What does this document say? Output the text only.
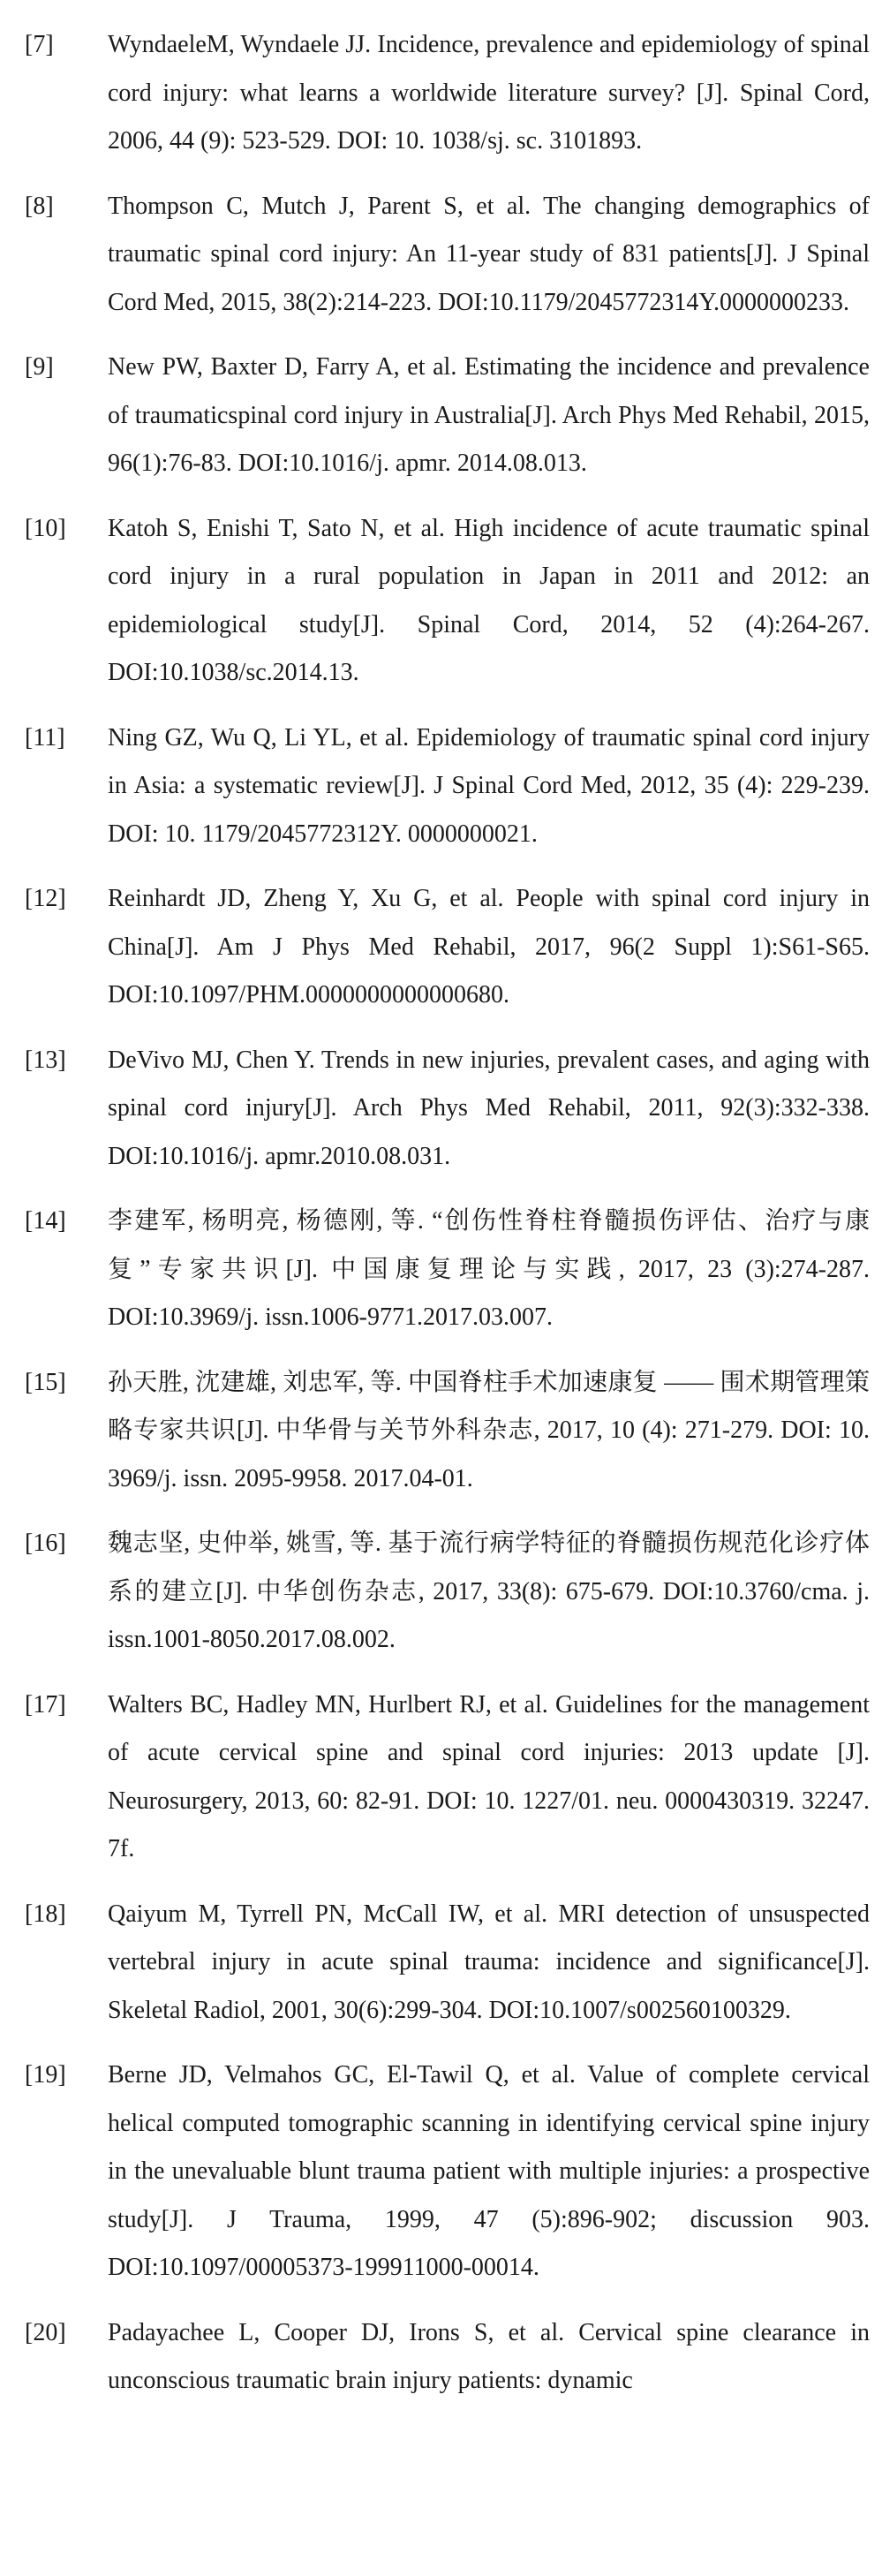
[7]	WyndaeleM, Wyndaele JJ. Incidence, prevalence and epidemiology of spinal cord injury: what learns a worldwide literature survey? [J]. Spinal Cord, 2006, 44 (9): 523-529. DOI: 10. 1038/sj. sc. 3101893.
[8]	Thompson C, Mutch J, Parent S, et al. The changing demographics of traumatic spinal cord injury: An 11-year study of 831 patients[J]. J Spinal Cord Med, 2015, 38(2):214-223. DOI:10.1179/2045772314Y.0000000233.
[9]	New PW, Baxter D, Farry A, et al. Estimating the incidence and prevalence of traumaticspinal cord injury in Australia[J]. Arch Phys Med Rehabil, 2015, 96(1):76-83. DOI:10.1016/j. apmr. 2014.08.013.
[10]	Katoh S, Enishi T, Sato N, et al. High incidence of acute traumatic spinal cord injury in a rural population in Japan in 2011 and 2012: an epidemiological study[J]. Spinal Cord, 2014, 52 (4):264-267. DOI:10.1038/sc.2014.13.
[11]	Ning GZ, Wu Q, Li YL, et al. Epidemiology of traumatic spinal cord injury in Asia: a systematic review[J]. J Spinal Cord Med, 2012, 35 (4): 229-239. DOI: 10. 1179/2045772312Y. 0000000021.
[12]	Reinhardt JD, Zheng Y, Xu G, et al. People with spinal cord injury in China[J]. Am J Phys Med Rehabil, 2017, 96(2 Suppl 1):S61-S65. DOI:10.1097/PHM.0000000000000680.
[13]	DeVivo MJ, Chen Y. Trends in new injuries, prevalent cases, and aging with spinal cord injury[J]. Arch Phys Med Rehabil, 2011, 92(3):332-338. DOI:10.1016/j. apmr.2010.08.031.
[14]	李建军, 杨明亮, 杨德刚, 等. “创伤性脊柱脊髓损伤评估、治疗与康复”专家共识[J]. 中国康复理论与实践, 2017, 23 (3):274-287. DOI:10.3969/j. issn.1006-9771.2017.03.007.
[15]	孙天胜, 沈建雄, 刘忠军, 等. 中国脊柱手术加速康复 —— 围术期管理策略专家共识[J]. 中华骨与关节外科杂志, 2017, 10 (4): 271-279. DOI: 10. 3969/j. issn. 2095-9958. 2017.04-01.
[16]	魏志坚, 史仲举, 姚雪, 等. 基于流行病学特征的脊髓损伤规范化诊疗体系的建立[J]. 中华创伤杂志, 2017, 33(8): 675-679. DOI:10.3760/cma. j. issn.1001-8050.2017.08.002.
[17]	Walters BC, Hadley MN, Hurlbert RJ, et al. Guidelines for the management of acute cervical spine and spinal cord injuries: 2013 update [J]. Neurosurgery, 2013, 60: 82-91. DOI: 10. 1227/01. neu. 0000430319. 32247. 7f.
[18]	Qaiyum M, Tyrrell PN, McCall IW, et al. MRI detection of unsuspected vertebral injury in acute spinal trauma: incidence and significance[J]. Skeletal Radiol, 2001, 30(6):299-304. DOI:10.1007/s002560100329.
[19]	Berne JD, Velmahos GC, El-Tawil Q, et al. Value of complete cervical helical computed tomographic scanning in identifying cervical spine injury in the unevaluable blunt trauma patient with multiple injuries: a prospective study[J]. J Trauma, 1999, 47 (5):896-902; discussion 903. DOI:10.1097/00005373-199911000-00014.
[20]	Padayachee L, Cooper DJ, Irons S, et al. Cervical spine clearance in unconscious traumatic brain injury patients: dynamic
